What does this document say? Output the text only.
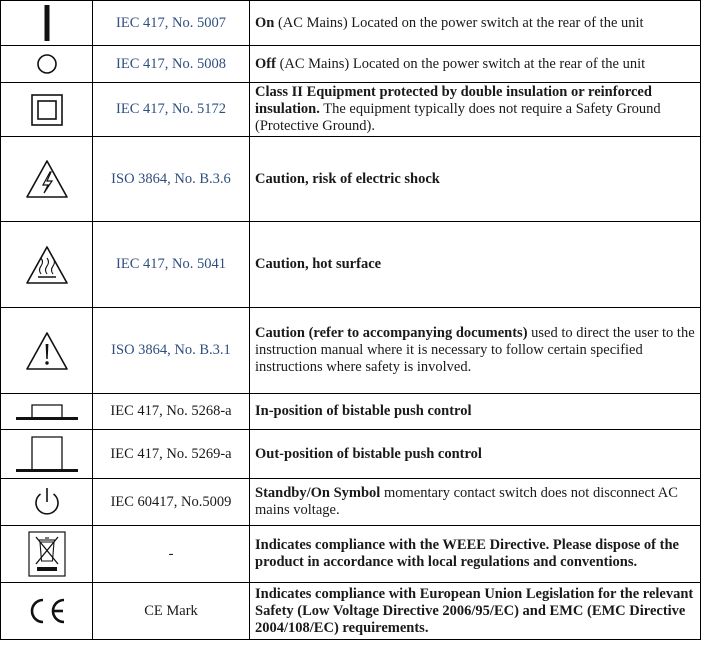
	IEC 417, No. 5007	On (AC Mains) Located on the power switch at the rear of the unit

	IEC 417, No. 5008	Off (AC Mains) Located on the power switch at the rear of the unit

	IEC 417, No. 5172	Class II Equipment protected by double insulation or reinforced insulation. The equipment typically does not require a Safety Ground (Protective Ground).

	ISO 3864, No. B.3.6	Caution, risk of electric shock

	IEC 417, No. 5041	Caution, hot surface

	ISO 3864, No. B.3.1	Caution (refer to accompanying documents) used to direct the user to the instruction manual where it is necessary to follow certain specified instructions where safety is involved.

	IEC 417, No. 5268-a	In-position of bistable push control

	IEC 417, No. 5269-a	Out-position of bistable push control

	IEC 60417, No.5009	Standby/On Symbol momentary contact switch does not disconnect AC mains voltage.

	-	Indicates compliance with the WEEE Directive. Please dispose of the product in accordance with local regulations and conventions.

	CE Mark	Indicates compliance with European Union Legislation for the relevant Safety (Low Voltage Directive 2006/95/EC) and EMC (EMC Directive 2004/108/EC) requirements.
